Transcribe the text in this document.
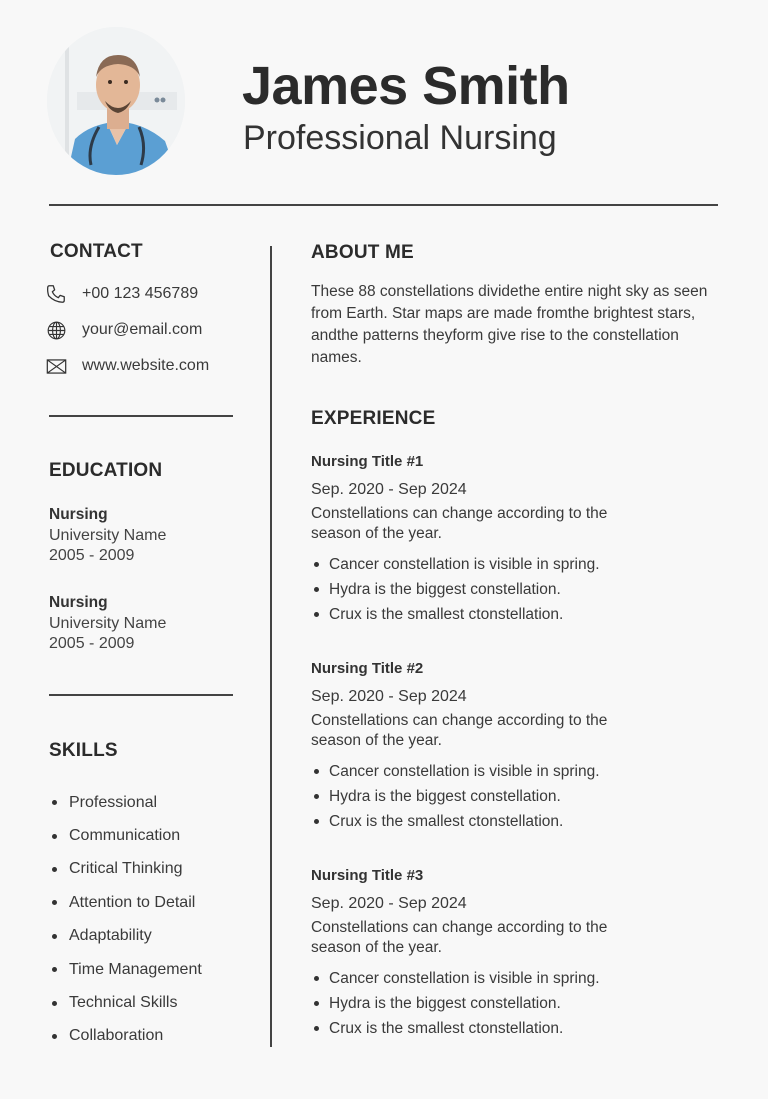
James Smith
Professional Nursing
CONTACT
+00 123 456789
your@email.com
www.website.com
EDUCATION
Nursing
University Name
2005 - 2009
Nursing
University Name
2005 - 2009
SKILLS
Professional
Communication
Critical Thinking
Attention to Detail
Adaptability
Time Management
Technical Skills
Collaboration
ABOUT ME
These 88 constellations dividethe entire night sky as seen from Earth. Star maps are made fromthe brightest stars, andthe patterns theyform give rise to the constellation names.
EXPERIENCE
Nursing Title #1
Sep. 2020 - Sep 2024
Constellations can change according to the season of the year.
Cancer constellation is visible in spring.
Hydra is the biggest constellation.
Crux is the smallest ctonstellation.
Nursing Title #2
Sep. 2020 - Sep 2024
Constellations can change according to the season of the year.
Cancer constellation is visible in spring.
Hydra is the biggest constellation.
Crux is the smallest ctonstellation.
Nursing Title #3
Sep. 2020 - Sep 2024
Constellations can change according to the season of the year.
Cancer constellation is visible in spring.
Hydra is the biggest constellation.
Crux is the smallest ctonstellation.
